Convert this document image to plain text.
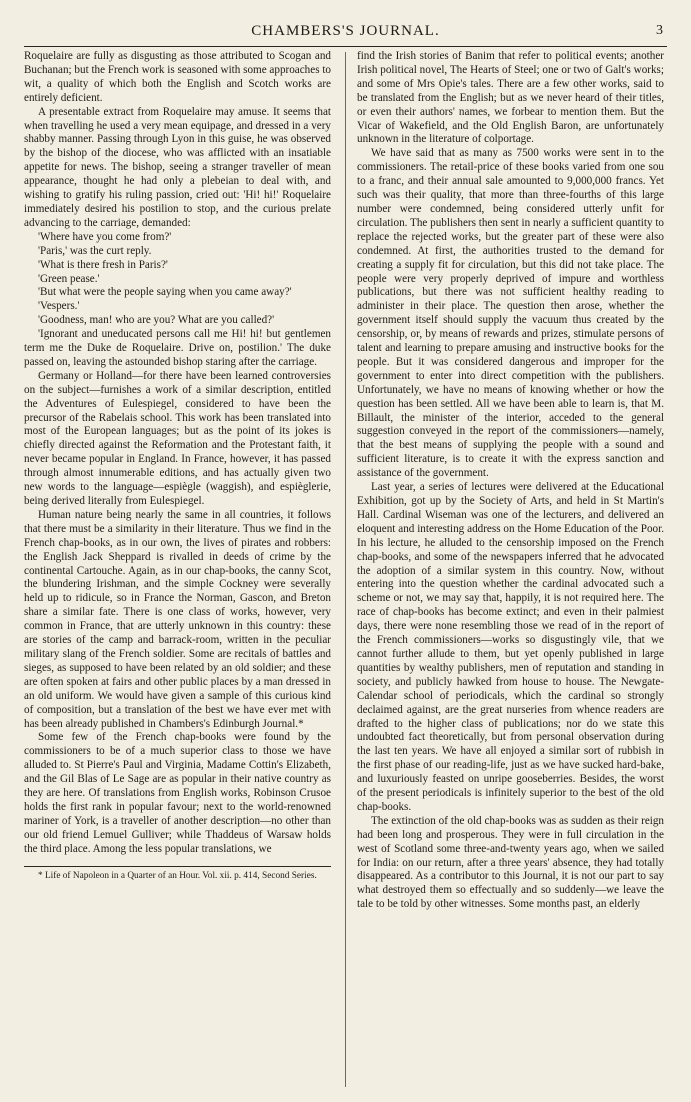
CHAMBERS'S JOURNAL.	3

Roquelaire are fully as disgusting as those attributed to Scogan and Buchanan; but the French work is seasoned with some approaches to wit, a quality of which both the English and Scotch works are entirely deficient.

A presentable extract from Roquelaire may amuse. It seems that when travelling he used a very mean equipage, and dressed in a very shabby manner. Passing through Lyon in this guise, he was observed by the bishop of the diocese, who was afflicted with an insatiable appetite for news. The bishop, seeing a stranger traveller of mean appearance, thought he had only a plebeian to deal with, and wishing to gratify his ruling passion, cried out: 'Hi! hi!' Roquelaire immediately desired his postilion to stop, and the curious prelate advancing to the carriage, demanded:

'Where have you come from?'

'Paris,' was the curt reply.

'What is there fresh in Paris?'

'Green pease.'

'But what were the people saying when you came away?'

'Vespers.'

'Goodness, man! who are you? What are you called?'

'Ignorant and uneducated persons call me Hi! hi! but gentlemen term me the Duke de Roquelaire. Drive on, postilion.' The duke passed on, leaving the astounded bishop staring after the carriage.

Germany or Holland—for there have been learned controversies on the subject—furnishes a work of a similar description, entitled the Adventures of Eulespiegel, considered to have been the precursor of the Rabelais school. This work has been translated into most of the European languages; but as the point of its jokes is chiefly directed against the Reformation and the Protestant faith, it never became popular in England. In France, however, it has passed through almost innumerable editions, and has actually given two new words to the language—espiègle (waggish), and espièglerie, being derived literally from Eulespiegel.

Human nature being nearly the same in all countries, it follows that there must be a similarity in their literature. Thus we find in the French chap-books, as in our own, the lives of pirates and robbers: the English Jack Sheppard is rivalled in deeds of crime by the continental Cartouche. Again, as in our chap-books, the canny Scot, the blundering Irishman, and the simple Cockney were severally held up to ridicule, so in France the Norman, Gascon, and Breton share a similar fate. There is one class of works, however, very common in France, that are utterly unknown in this country: these are stories of the camp and barrack-room, written in the peculiar military slang of the French soldier. Some are recitals of battles and sieges, as supposed to have been related by an old soldier; and these are often spoken at fairs and other public places by a man dressed in an old uniform. We would have given a sample of this curious kind of composition, but a translation of the best we have ever met with has been already published in Chambers's Edinburgh Journal.*

Some few of the French chap-books were found by the commissioners to be of a much superior class to those we have alluded to. St Pierre's Paul and Virginia, Madame Cottin's Elizabeth, and the Gil Blas of Le Sage are as popular in their native country as they are here. Of translations from English works, Robinson Crusoe holds the first rank in popular favour; next to the world-renowned mariner of York, is a traveller of another description—no other than our old friend Lemuel Gulliver; while Thaddeus of Warsaw holds the third place. Among the less popular translations, we

* Life of Napoleon in a Quarter of an Hour. Vol. xii. p. 414, Second Series.

find the Irish stories of Banim that refer to political events; another Irish political novel, The Hearts of Steel; one or two of Galt's works; and some of Mrs Opie's tales. There are a few other works, said to be translated from the English; but as we never heard of their titles, or even their authors' names, we forbear to mention them. But the Vicar of Wakefield, and the Old English Baron, are unfortunately unknown in the literature of colportage.

We have said that as many as 7500 works were sent in to the commissioners. The retail-price of these books varied from one sou to a franc, and their annual sale amounted to 9,000,000 francs. Yet such was their quality, that more than three-fourths of this large number were condemned, being considered utterly unfit for circulation. The publishers then sent in nearly a sufficient quantity to replace the rejected works, but the greater part of these were also condemned. At first, the authorities trusted to the demand for creating a supply fit for circulation, but this did not take place. The people were very properly deprived of impure and worthless publications, but there was not sufficient healthy reading to administer in their place. The question then arose, whether the government itself should supply the vacuum thus created by the censorship, or, by means of rewards and prizes, stimulate persons of talent and learning to prepare amusing and instructive books for the people. But it was considered dangerous and improper for the government to enter into direct competition with the publishers. Unfortunately, we have no means of knowing whether or how the question has been settled. All we have been able to learn is, that M. Billault, the minister of the interior, acceded to the general suggestion conveyed in the report of the commissioners—namely, that the best means of supplying the people with a sound and sufficient literature, is to create it with the express sanction and assistance of the government.

Last year, a series of lectures were delivered at the Educational Exhibition, got up by the Society of Arts, and held in St Martin's Hall. Cardinal Wiseman was one of the lecturers, and delivered an eloquent and interesting address on the Home Education of the Poor. In his lecture, he alluded to the censorship imposed on the French chap-books, and some of the newspapers inferred that he advocated the adoption of a similar system in this country. Now, without entering into the question whether the cardinal advocated such a scheme or not, we may say that, happily, it is not required here. The race of chap-books has become extinct; and even in their palmiest days, there were none resembling those we read of in the report of the French commissioners—works so disgustingly vile, that we cannot further allude to them, but yet openly published in large quantities by wealthy publishers, men of reputation and standing in society, and publicly hawked from house to house. The Newgate-Calendar school of periodicals, which the cardinal so strongly declaimed against, are the great nurseries from whence readers are drafted to the higher class of publications; nor do we state this undoubted fact theoretically, but from personal observation during the last ten years. We have all enjoyed a similar sort of rubbish in the first phase of our reading-life, just as we have sucked hard-bake, and luxuriously feasted on unripe gooseberries. Besides, the worst of the present periodicals is infinitely superior to the best of the old chap-books.

The extinction of the old chap-books was as sudden as their reign had been long and prosperous. They were in full circulation in the west of Scotland some three-and-twenty years ago, when we sailed for India: on our return, after a three years' absence, they had totally disappeared. As a contributor to this Journal, it is not our part to say what destroyed them so effectually and so suddenly—we leave the tale to be told by other witnesses. Some months past, an elderly
